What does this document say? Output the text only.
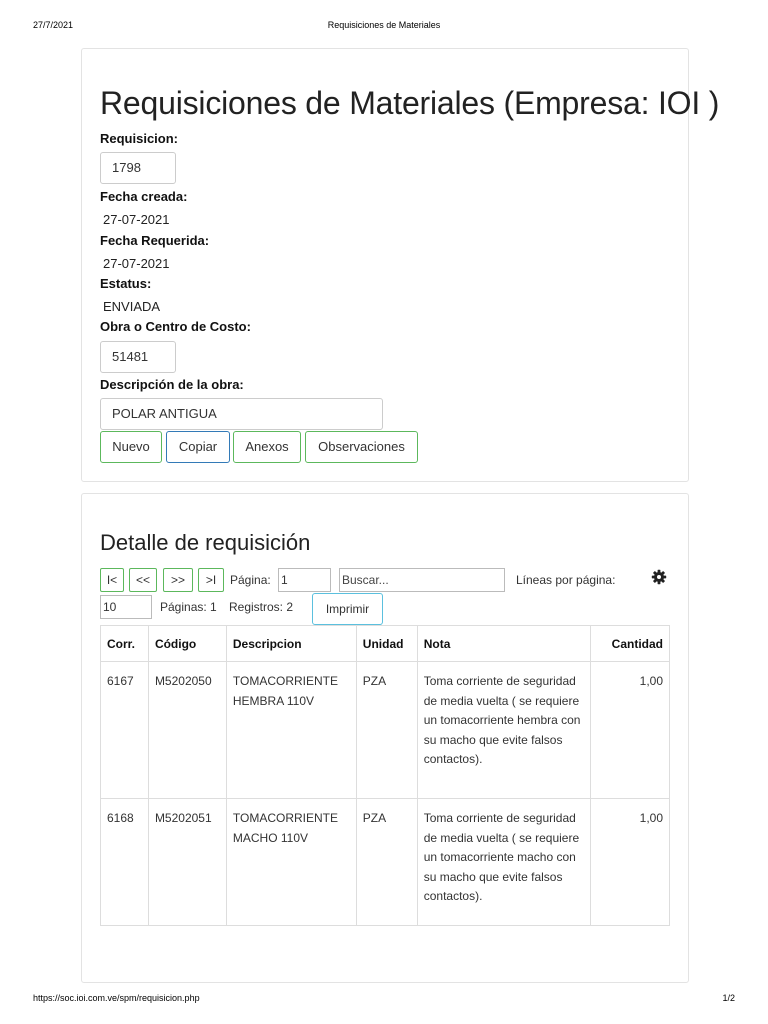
27/7/2021	Requisiciones de Materiales
Requisiciones de Materiales (Empresa: IOI )
Requisicion:
1798
Fecha creada:
27-07-2021
Fecha Requerida:
27-07-2021
Estatus:
ENVIADA
Obra o Centro de Costo:
51481
Descripción de la obra:
POLAR ANTIGUA
Nuevo	Copiar	Anexos	Observaciones
Detalle de requisición
I<	<<	>>	>I	Página: 1	Buscar...	Líneas por página:
10	Páginas: 1 Registros: 2	Imprimir
Corr.	Código	Descripcion	Unidad	Nota	Cantidad
6167	M5202050	TOMACORRIENTE HEMBRA 110V	PZA	Toma corriente de seguridad de media vuelta ( se requiere un tomacorriente hembra con su macho que evite falsos contactos).	1,00
6168	M5202051	TOMACORRIENTE MACHO 110V	PZA	Toma corriente de seguridad de media vuelta ( se requiere un tomacorriente macho con su macho que evite falsos contactos).	1,00
https://soc.ioi.com.ve/spm/requisicion.php	1/2
